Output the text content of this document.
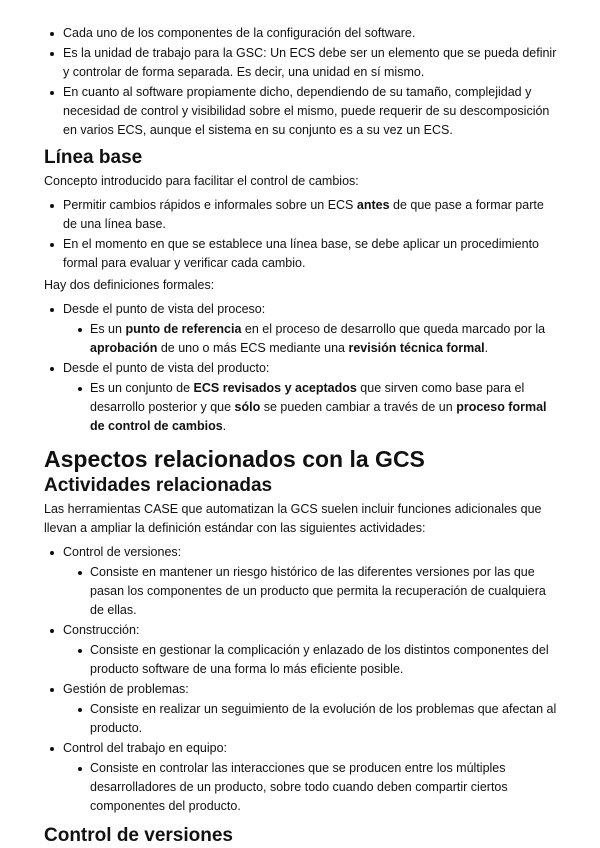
Cada uno de los componentes de la configuración del software.
Es la unidad de trabajo para la GSC: Un ECS debe ser un elemento que se pueda definir y controlar de forma separada. Es decir, una unidad en sí mismo.
En cuanto al software propiamente dicho, dependiendo de su tamaño, complejidad y necesidad de control y visibilidad sobre el mismo, puede requerir de su descomposición en varios ECS, aunque el sistema en su conjunto es a su vez un ECS.
Línea base

Concepto introducido para facilitar el control de cambios:

Permitir cambios rápidos e informales sobre un ECS antes de que pase a formar parte de una línea base.
En el momento en que se establece una línea base, se debe aplicar un procedimiento formal para evaluar y verificar cada cambio.

Hay dos definiciones formales:

Desde el punto de vista del proceso:
Es un punto de referencia en el proceso de desarrollo que queda marcado por la aprobación de uno o más ECS mediante una revisión técnica formal.
Desde el punto de vista del producto:
Es un conjunto de ECS revisados y aceptados que sirven como base para el desarrollo posterior y que sólo se pueden cambiar a través de un proceso formal de control de cambios.
Aspectos relacionados con la GCS
Actividades relacionadas

Las herramientas CASE que automatizan la GCS suelen incluir funciones adicionales que llevan a ampliar la definición estándar con las siguientes actividades:

Control de versiones:
Consiste en mantener un riesgo histórico de las diferentes versiones por las que pasan los componentes de un producto que permita la recuperación de cualquiera de ellas.
Construcción:
Consiste en gestionar la complicación y enlazado de los distintos componentes del producto software de una forma lo más eficiente posible.
Gestión de problemas:
Consiste en realizar un seguimiento de la evolución de los problemas que afectan al producto.
Control del trabajo en equipo:
Consiste en controlar las interacciones que se producen entre los múltiples desarrolladores de un producto, sobre todo cuando deben compartir ciertos componentes del producto.
Control de versiones
